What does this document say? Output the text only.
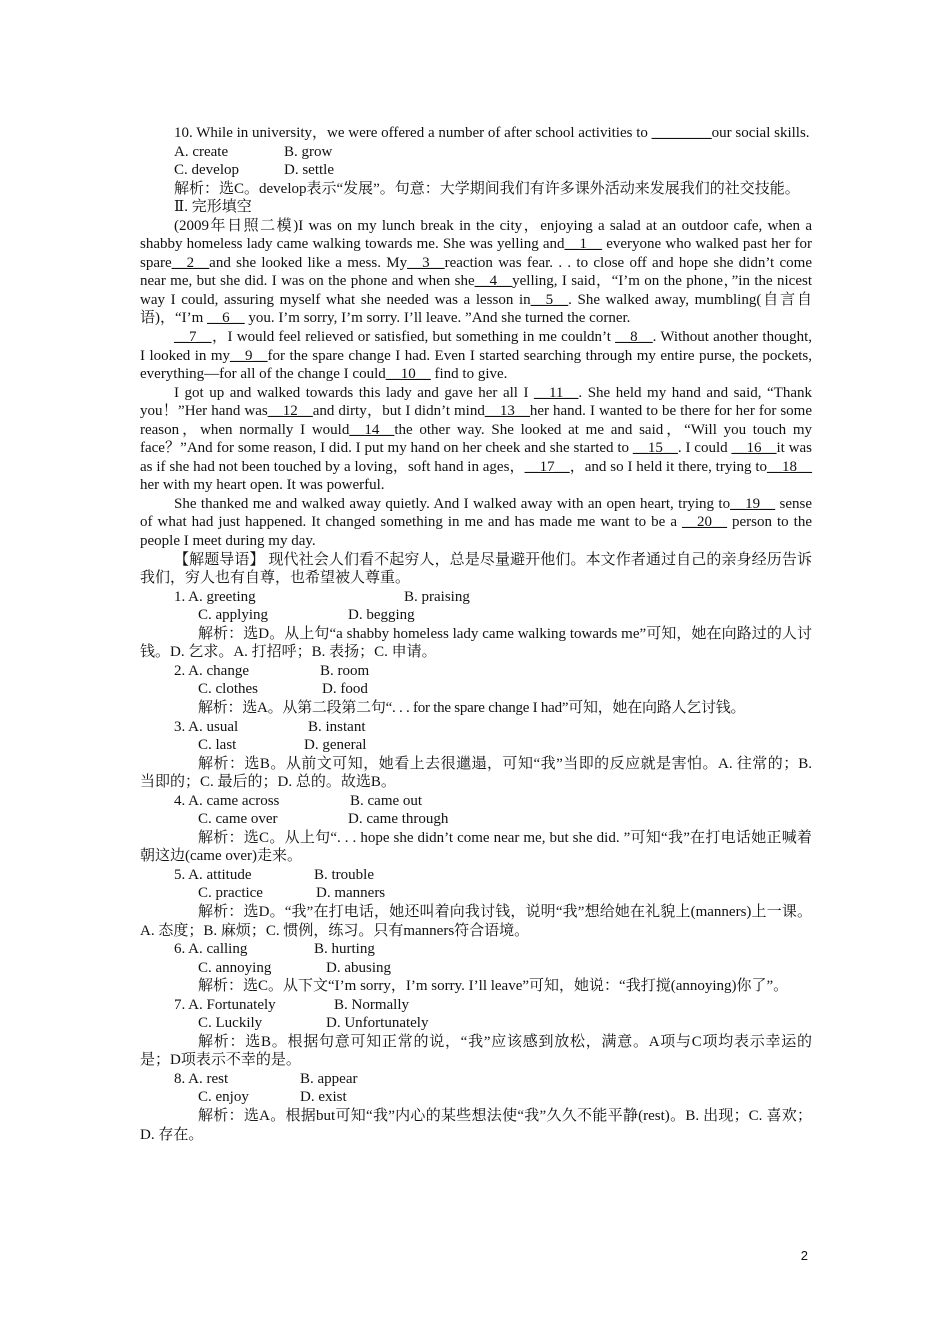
10. While in university，we were offered a number of after school activities to ________our social skills.

A. create	B. grow
C. develop	D. settle

解析：选C。develop表示“发展”。句意：大学期间我们有许多课外活动来发展我们的社交技能。

Ⅱ. 完形填空

(2009年日照二模)I was on my lunch break in the city，enjoying a salad at an outdoor cafe, when a shabby homeless lady came walking towards me. She was yelling and__1__ everyone who walked past her for spare__2__and she looked like a mess. My__3__reaction was fear. . . to close off and hope she didn’t come near me, but she did. I was on the phone and when she__4__yelling, I said，“I’m on the phone，”in the nicest way I could, assuring myself what she needed was a lesson in__5__. She walked away, mumbling(自言自语)，“I’m __6__ you. I’m sorry, I’m sorry. I’ll leave. ”And she turned the corner.

__7__，I would feel relieved or satisfied, but something in me couldn’t __8__. Without another thought, I looked in my__9__for the spare change I had. Even I started searching through my entire purse, the pockets, everything—for all of the change I could__10__ find to give.

I got up and walked towards this lady and gave her all I __11__. She held my hand and said, “Thank you！”Her hand was__12__and dirty，but I didn’t mind__13__her hand. I wanted to be there for her for some reason，when normally I would__14__the other way. She looked at me and said，“Will you touch my face？”And for some reason, I did. I put my hand on her cheek and she started to __15__. I could __16__it was as if she had not been touched by a loving，soft hand in ages，__17__，and so I held it there, trying to__18__ her with my heart open. It was powerful.

She thanked me and walked away quietly. And I walked away with an open heart, trying to__19__ sense of what had just happened. It changed something in me and has made me want to be a __20__ person to the people I meet during my day.

【解题导语】 现代社会人们看不起穷人，总是尽量避开他们。本文作者通过自己的亲身经历告诉我们，穷人也有自尊，也希望被人尊重。

1. A. greeting	B. praising
C. applying	D. begging

解析：选D。从上句“a shabby homeless lady came walking towards me”可知，她在向路过的人讨钱。D. 乞求。A. 打招呼；B. 表扬；C. 申请。

2. A. change	B. room
C. clothes	D. food

解析：选A。从第二段第二句“. . . for the spare change I had”可知，她在向路人乞讨钱。

3. A. usual	B. instant
C. last	D. general

解析：选B。从前文可知，她看上去很邋遢，可知“我”当即的反应就是害怕。A. 往常的；B. 当即的；C. 最后的；D. 总的。故选B。

4. A. came across	B. came out
C. came over	D. came through

解析：选C。从上句“. . . hope she didn’t come near me, but she did. ”可知“我”在打电话她正喊着朝这边(came over)走来。

5. A. attitude	B. trouble
C. practice	D. manners

解析：选D。“我”在打电话，她还叫着向我讨钱，说明“我”想给她在礼貌上(manners)上一课。A. 态度；B. 麻烦；C. 惯例，练习。只有manners符合语境。

6. A. calling	B. hurting
C. annoying	D. abusing

解析：选C。从下文“I’m sorry，I’m sorry. I’ll leave”可知，她说：“我打搅(annoying)你了”。

7. A. Fortunately	B. Normally
C. Luckily	D. Unfortunately

解析：选B。根据句意可知正常的说，“我”应该感到放松，满意。A项与C项均表示幸运的是；D项表示不幸的是。

8. A. rest	B. appear
C. enjoy	D. exist

解析：选A。根据but可知“我”内心的某些想法使“我”久久不能平静(rest)。B. 出现；C. 喜欢；D. 存在。

2
